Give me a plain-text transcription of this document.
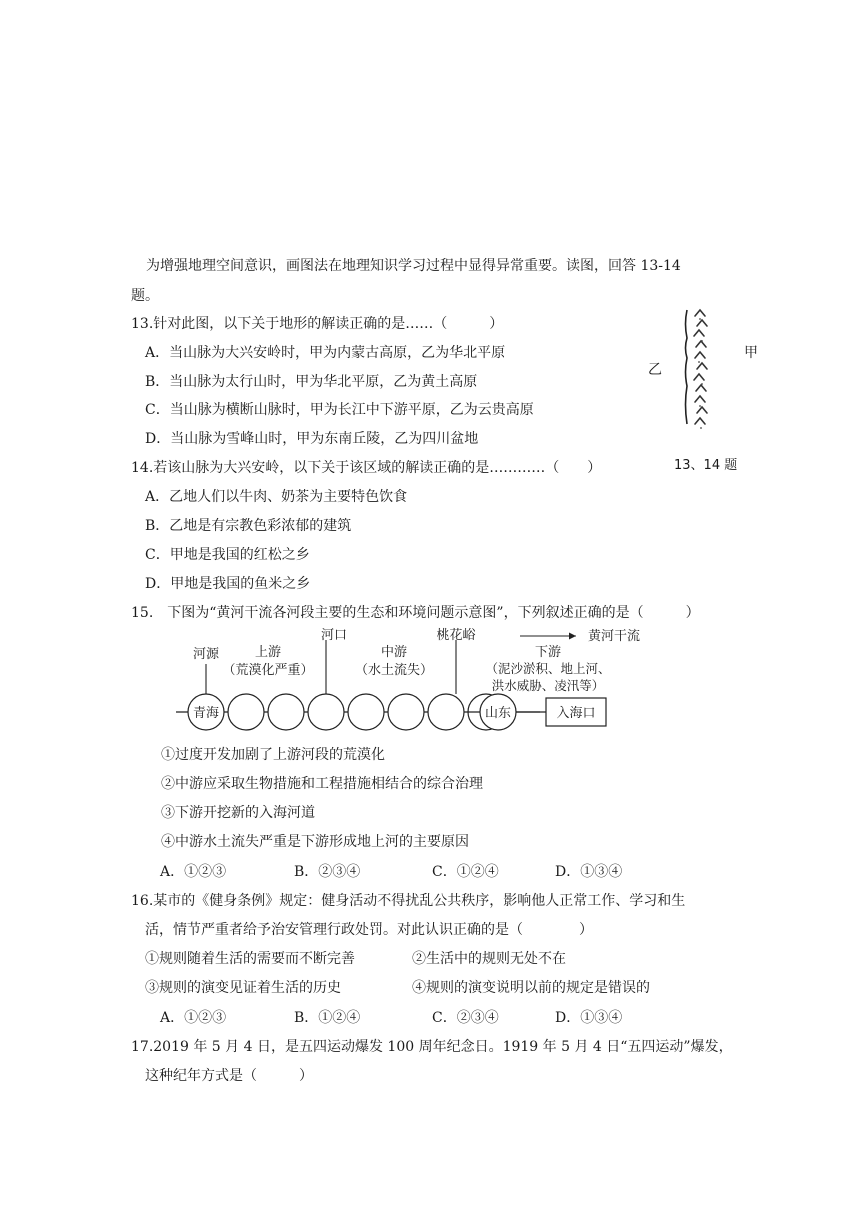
为增强地理空间意识，画图法在地理知识学习过程中显得异常重要。读图，回答 13-14
题。
13.针对此图，以下关于地形的解读正确的是……（　　　）
A．当山脉为大兴安岭时，甲为内蒙古高原，乙为华北平原
B．当山脉为太行山时，甲为华北平原，乙为黄土高原
C．当山脉为横断山脉时，甲为长江中下游平原，乙为云贵高原
D．当山脉为雪峰山时，甲为东南丘陵，乙为四川盆地
乙
甲
13、14 题
14.若该山脉为大兴安岭，以下关于该区域的解读正确的是…………（　　）
A．乙地人们以牛肉、奶茶为主要特色饮食
B．乙地是有宗教色彩浓郁的建筑
C．甲地是我国的红松之乡
D．甲地是我国的鱼米之乡
15.　下图为“黄河干流各河段主要的生态和环境问题示意图”，下列叙述正确的是（　　　）
青海
河源	上游
（荒漠化严重）
河口
中游
（水土流失）
桃花峪	黄河干流
下游
（泥沙淤积、地上河、
洪水威胁、凌汛等）
山东	入海口
①过度开发加剧了上游河段的荒漠化
②中游应采取生物措施和工程措施相结合的综合治理
③下游开挖新的入海河道
④中游水土流失严重是下游形成地上河的主要原因
A．①②③	B．②③④	C．①②④	D．①③④
16.某市的《健身条例》规定：健身活动不得扰乱公共秩序，影响他人正常工作、学习和生
活，情节严重者给予治安管理行政处罚。对此认识正确的是（　　　　）
①规则随着生活的需要而不断完善	②生活中的规则无处不在
③规则的演变见证着生活的历史	④规则的演变说明以前的规定是错误的
A．①②③	B．①②④	C．②③④	D．①③④
17.2019 年 5 月 4 日，是五四运动爆发 100 周年纪念日。1919 年 5 月 4 日“五四运动”爆发，
这种纪年方式是（　　　）
